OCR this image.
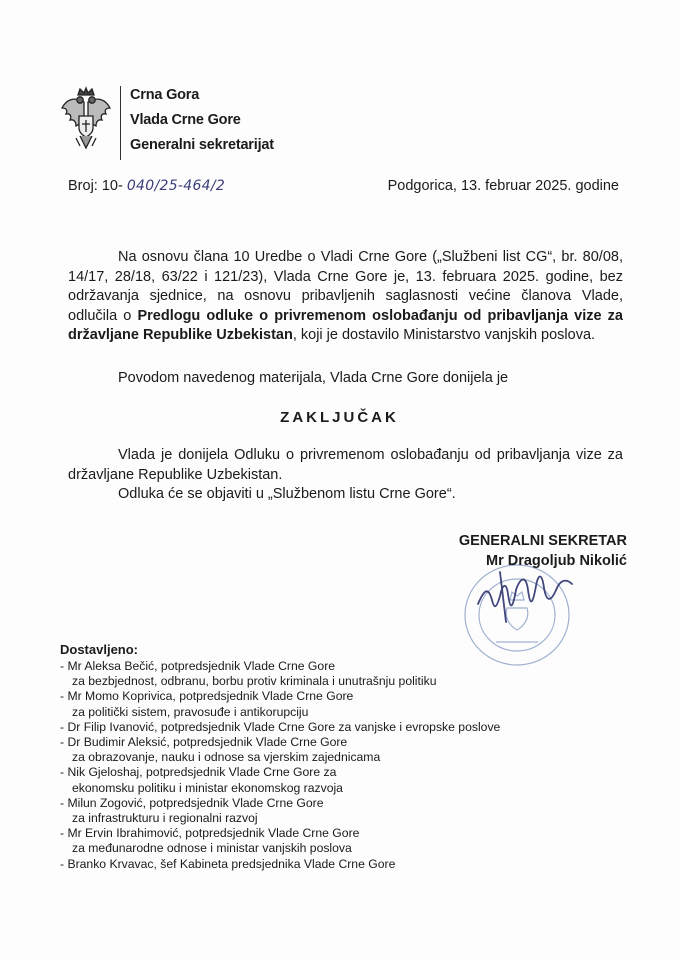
Crna Gora
Vlada Crne Gore
Generalni sekretarijat
Broj: 10- 040/25-464/2	Podgorica, 13. februar 2025. godine

Na osnovu člana 10 Uredbe o Vladi Crne Gore („Službeni list CG“, br. 80/08, 14/17, 28/18, 63/22 i 121/23), Vlada Crne Gore je, 13. februara 2025. godine, bez održavanja sjednice, na osnovu pribavljenih saglasnosti većine članova Vlade, odlučila o Predlogu odluke o privremenom oslobađanju od pribavljanja vize za državljane Republike Uzbekistan, koji je dostavilo Ministarstvo vanjskih poslova.

Povodom navedenog materijala, Vlada Crne Gore donijela je

ZAKLJUČAK

Vlada je donijela Odluku o privremenom oslobađanju od pribavljanja vize za državljane Republike Uzbekistan.

Odluka će se objaviti u „Službenom listu Crne Gore“.

GENERALNI SEKRETAR
Mr Dragoljub Nikolić
Dostavljeno:
- Mr Aleksa Bečić, potpredsjednik Vlade Crne Gore
za bezbjednost, odbranu, borbu protiv kriminala i unutrašnju politiku
- Mr Momo Koprivica, potpredsjednik Vlade Crne Gore
za politički sistem, pravosuđe i antikorupciju
- Dr Filip Ivanović, potpredsjednik Vlade Crne Gore za vanjske i evropske poslove
- Dr Budimir Aleksić, potpredsjednik Vlade Crne Gore
za obrazovanje, nauku i odnose sa vjerskim zajednicama
- Nik Gjeloshaj, potpredsjednik Vlade Crne Gore za
ekonomsku politiku i ministar ekonomskog razvoja
- Milun Zogović, potpredsjednik Vlade Crne Gore
za infrastrukturu i regionalni razvoj
- Mr Ervin Ibrahimović, potpredsjednik Vlade Crne Gore
za međunarodne odnose i ministar vanjskih poslova
- Branko Krvavac, šef Kabineta predsjednika Vlade Crne Gore
